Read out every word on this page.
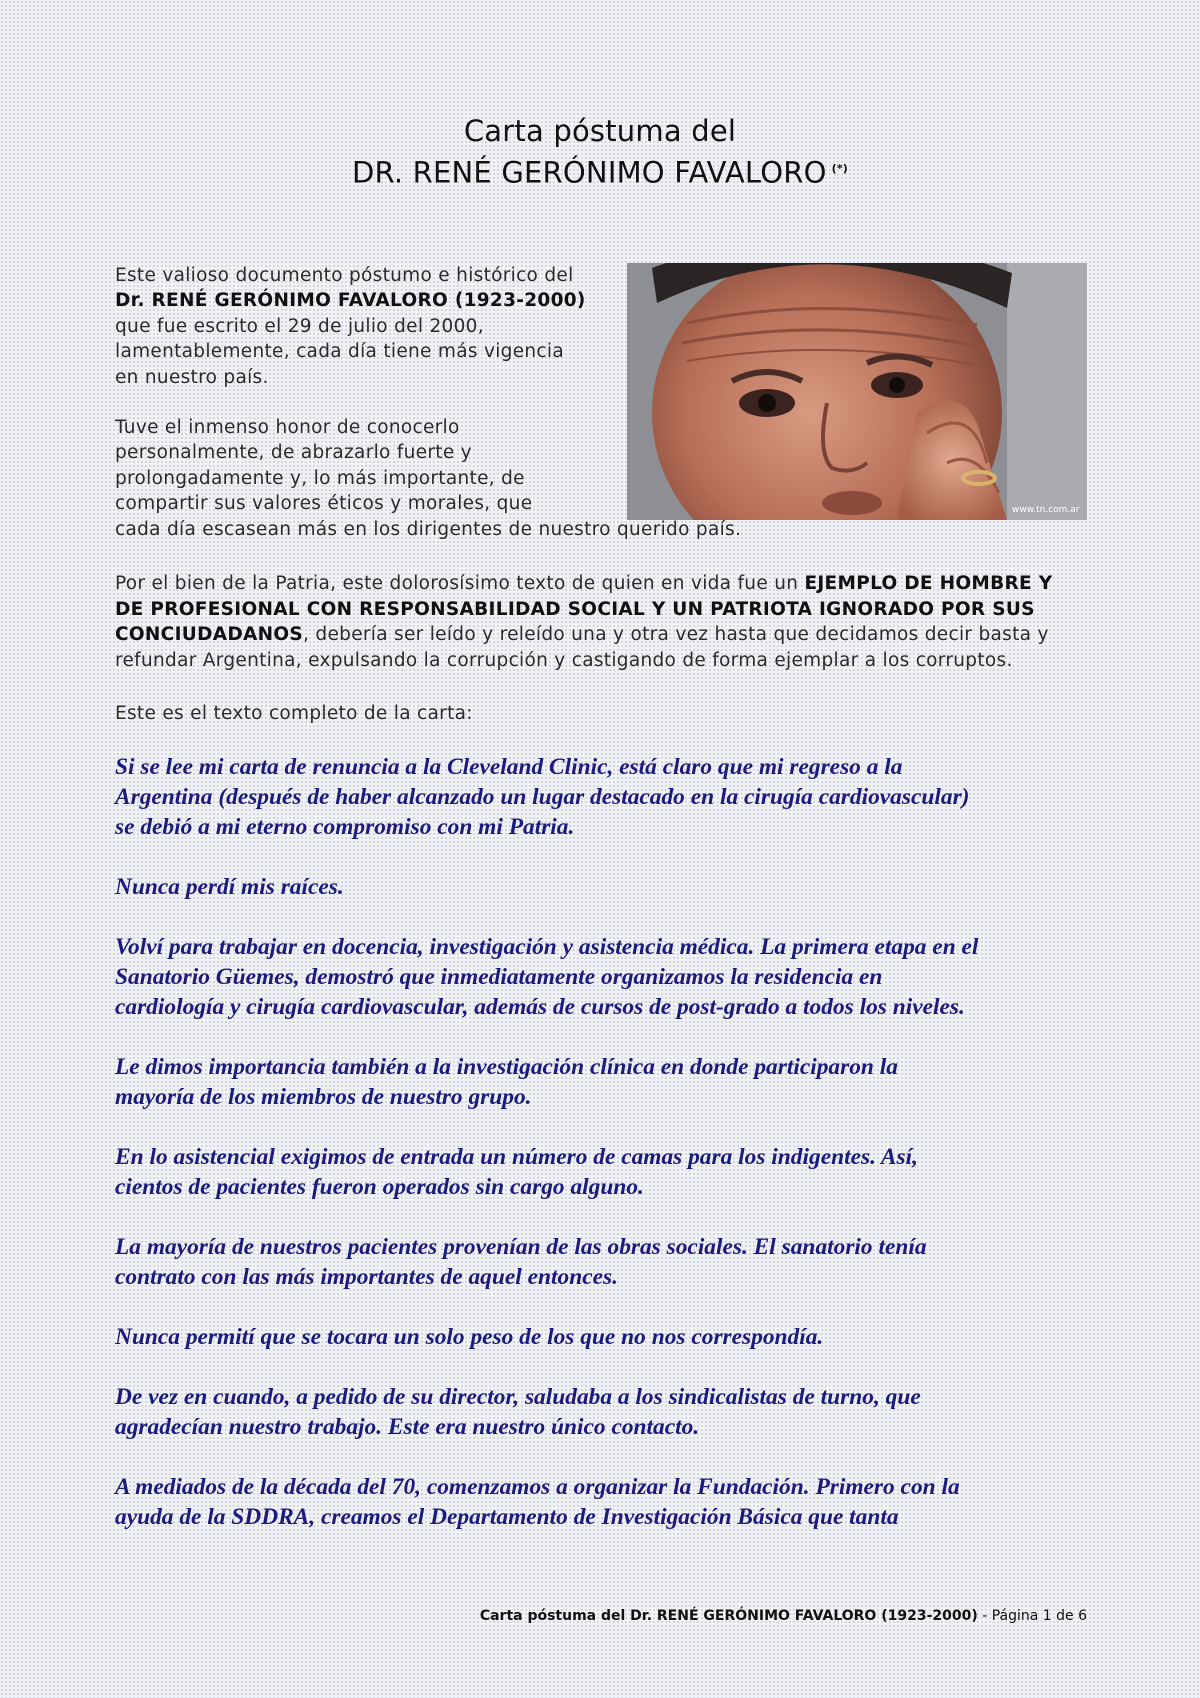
Carta póstuma del
DR. RENÉ GERÓNIMO FAVALORO (*)
www.tn.com.ar
Este valioso documento póstumo e histórico del
Dr. RENÉ GERÓNIMO FAVALORO (1923-2000)
que fue escrito el 29 de julio del 2000,
lamentablemente, cada día tiene más vigencia
en nuestro país.
Tuve el inmenso honor de conocerlo
personalmente, de abrazarlo fuerte y
prolongadamente y, lo más importante, de
compartir sus valores éticos y morales, que
cada día escasean más en los dirigentes de nuestro querido país.
Por el bien de la Patria, este dolorosísimo texto de quien en vida fue un EJEMPLO DE HOMBRE Y
DE PROFESIONAL CON RESPONSABILIDAD SOCIAL Y UN PATRIOTA IGNORADO POR SUS
CONCIUDADANOS, debería ser leído y releído una y otra vez hasta que decidamos decir basta y
refundar Argentina, expulsando la corrupción y castigando de forma ejemplar a los corruptos.
Este es el texto completo de la carta:
Si se lee mi carta de renuncia a la Cleveland Clinic, está claro que mi regreso a la
Argentina (después de haber alcanzado un lugar destacado en la cirugía cardiovascular)
se debió a mi eterno compromiso con mi Patria.
Nunca perdí mis raíces.
Volví para trabajar en docencia, investigación y asistencia médica. La primera etapa en el
Sanatorio Güemes, demostró que inmediatamente organizamos la residencia en
cardiología y cirugía cardiovascular, además de cursos de post-grado a todos los niveles.
Le dimos importancia también a la investigación clínica en donde participaron la
mayoría de los miembros de nuestro grupo.
En lo asistencial exigimos de entrada un número de camas para los indigentes. Así,
cientos de pacientes fueron operados sin cargo alguno.
La mayoría de nuestros pacientes provenían de las obras sociales. El sanatorio tenía
contrato con las más importantes de aquel entonces.
Nunca permití que se tocara un solo peso de los que no nos correspondía.
De vez en cuando, a pedido de su director, saludaba a los sindicalistas de turno, que
agradecían nuestro trabajo. Este era nuestro único contacto.
A mediados de la década del 70, comenzamos a organizar la Fundación. Primero con la
ayuda de la SDDRA, creamos el Departamento de Investigación Básica que tanta
Carta póstuma del Dr. RENÉ GERÓNIMO FAVALORO (1923-2000) - Página 1 de 6
